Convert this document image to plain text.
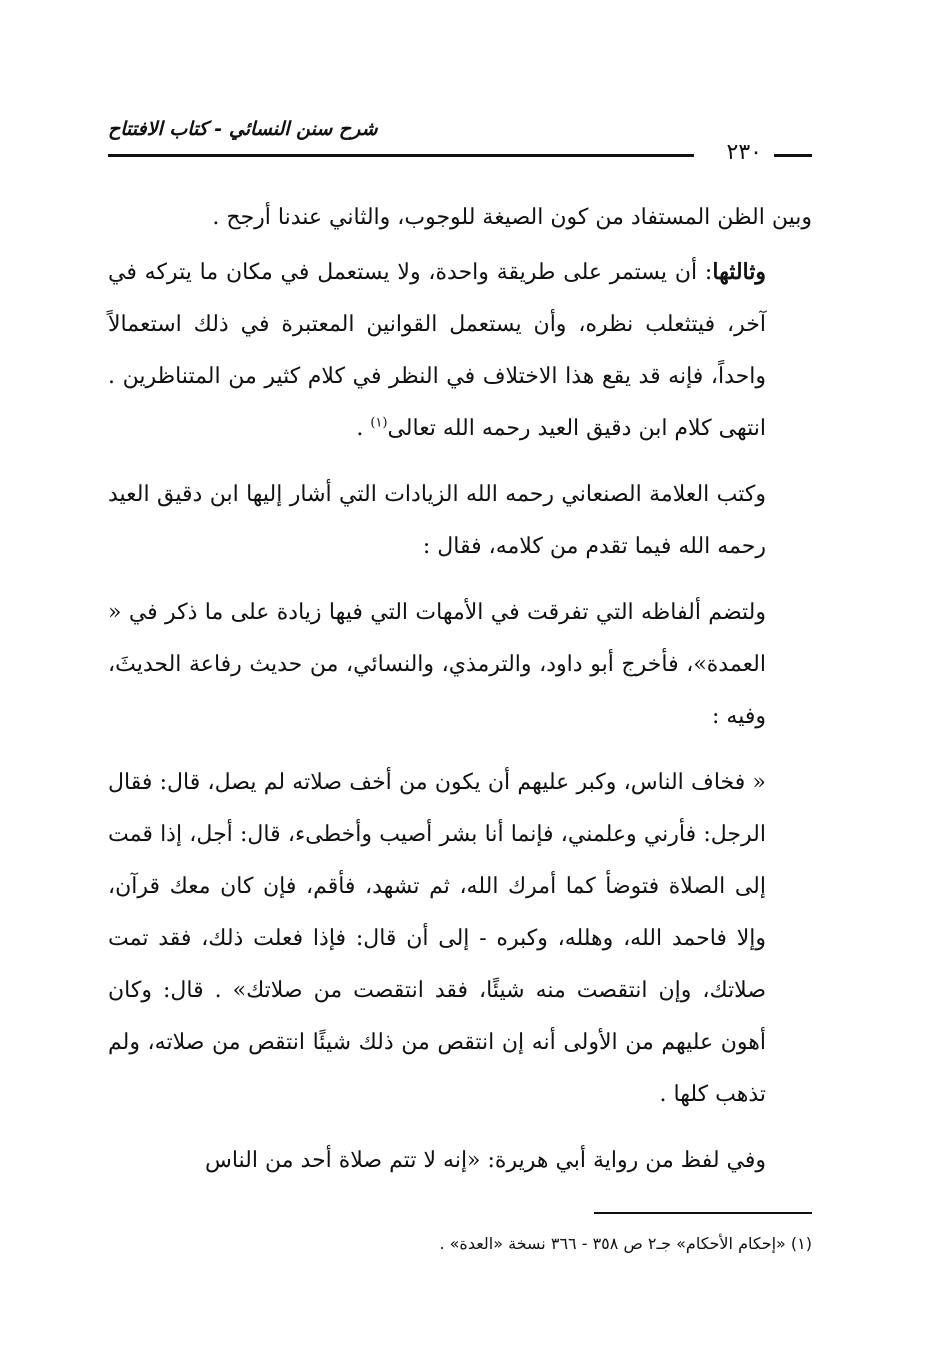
شرح سنن النسائي - كتاب الافتتاح
٢٣٠

وبين الظن المستفاد من كون الصيغة للوجوب، والثاني عندنا أرجح .

وثالثها: أن يستمر على طريقة واحدة، ولا يستعمل في مكان ما يتركه في آخر، فيتثعلب نظره، وأن يستعمل القوانين المعتبرة في ذلك استعمالاً واحداً، فإنه قد يقع هذا الاختلاف في النظر في كلام كثير من المتناظرين . انتهى كلام ابن دقيق العيد رحمه الله تعالى$^{(١)}$ .

وكتب العلامة الصنعاني رحمه الله الزيادات التي أشار إليها ابن دقيق العيد رحمه الله فيما تقدم من كلامه، فقال :

ولتضم ألفاظه التي تفرقت في الأمهات التي فيها زيادة على ما ذكر في « العمدة»، فأخرج أبو داود، والترمذي، والنسائي، من حديث رفاعة الحديثَ، وفيه :

« فخاف الناس، وكبر عليهم أن يكون من أخف صلاته لم يصل، قال: فقال الرجل: فأرني وعلمني، فإنما أنا بشر أصيب وأخطىء، قال: أجل، إذا قمت إلى الصلاة فتوضأ كما أمرك الله، ثم تشهد، فأقم، فإن كان معك قرآن، وإلا فاحمد الله، وهلله، وكبره - إلى أن قال: فإذا فعلت ذلك، فقد تمت صلاتك، وإن انتقصت منه شيئًا، فقد انتقصت من صلاتك» . قال: وكان أهون عليهم من الأولى أنه إن انتقص من ذلك شيئًا انتقص من صلاته، ولم تذهب كلها .

وفي لفظ من رواية أبي هريرة: «إنه لا تتم صلاة أحد من الناس

(١) «إحكام الأحكام» جـ٢ ص ٣٥٨ - ٣٦٦ نسخة «العدة» .
